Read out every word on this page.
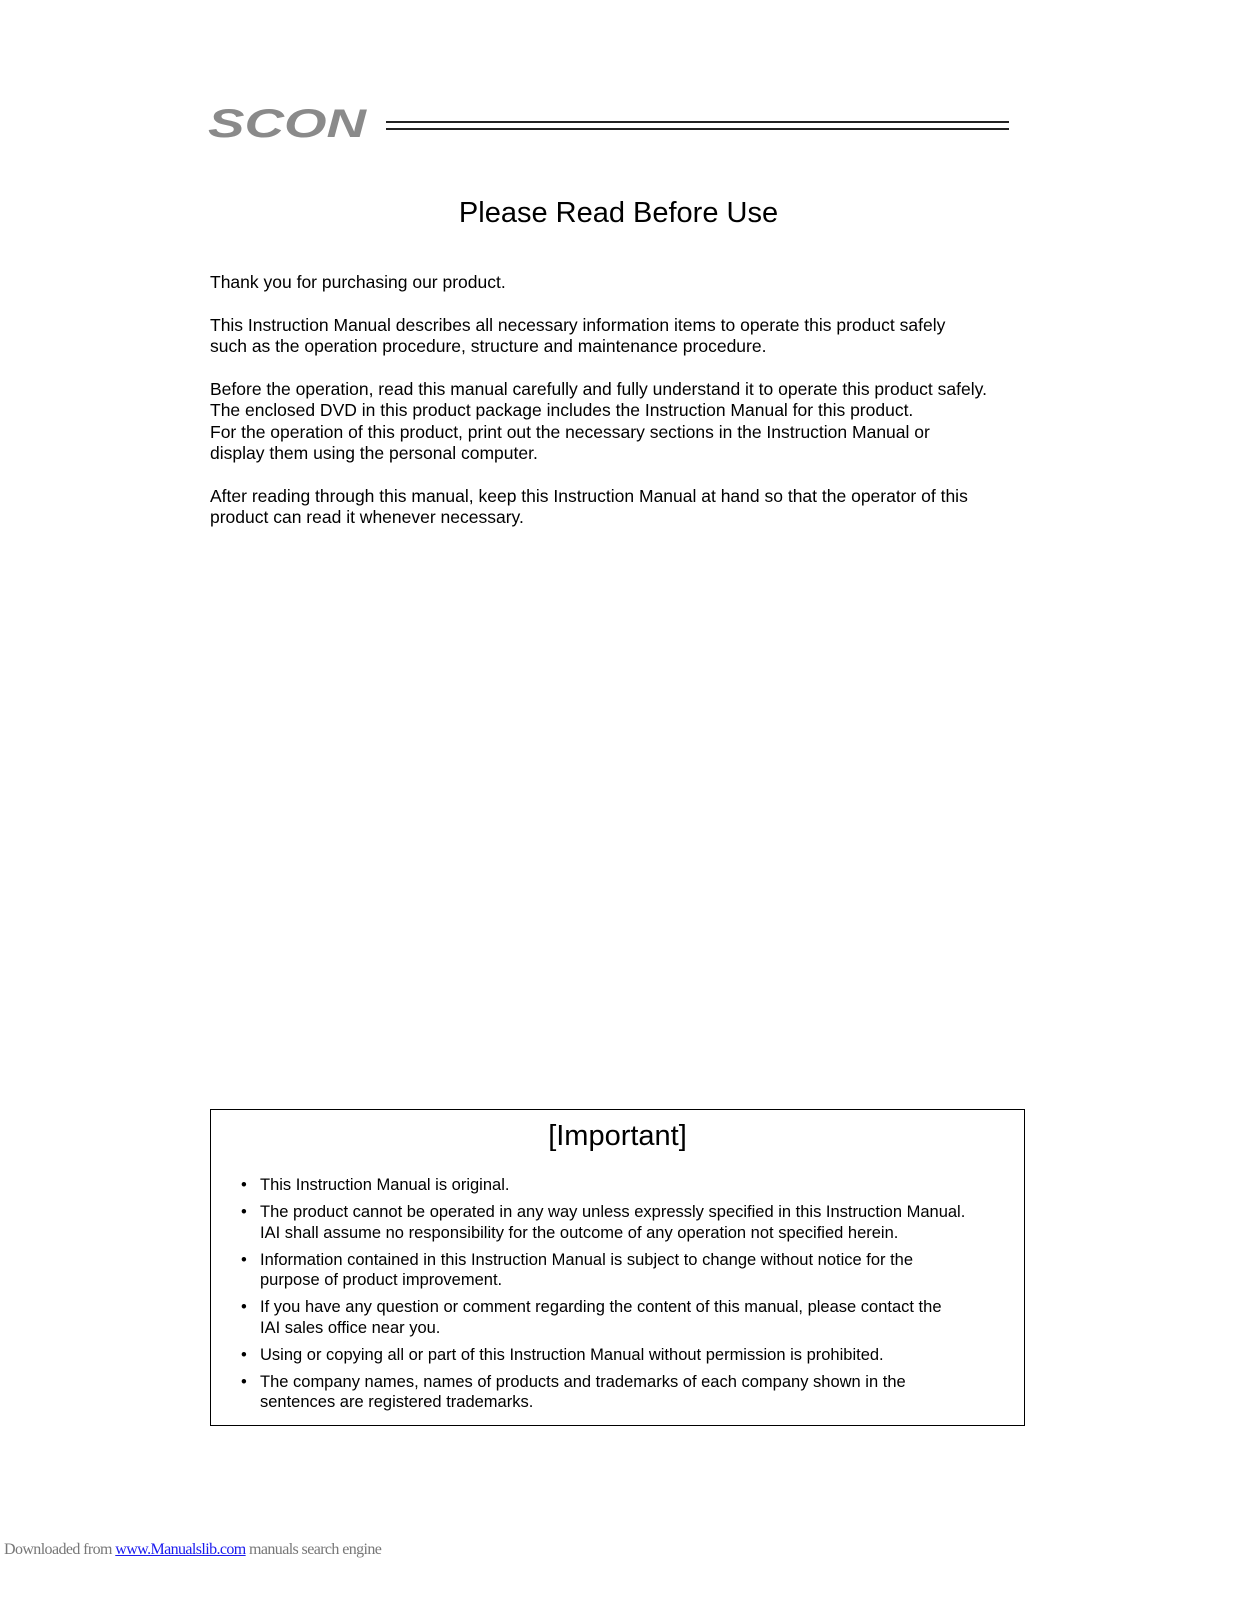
SCON
Please Read Before Use

Thank you for purchasing our product.

This Instruction Manual describes all necessary information items to operate this product safely
such as the operation procedure, structure and maintenance procedure.

Before the operation, read this manual carefully and fully understand it to operate this product safely.
The enclosed DVD in this product package includes the Instruction Manual for this product.
For the operation of this product, print out the necessary sections in the Instruction Manual or
display them using the personal computer.

After reading through this manual, keep this Instruction Manual at hand so that the operator of this
product can read it whenever necessary.

[Important]
• This Instruction Manual is original.
• The product cannot be operated in any way unless expressly specified in this Instruction Manual.
IAI shall assume no responsibility for the outcome of any operation not specified herein.
• Information contained in this Instruction Manual is subject to change without notice for the
purpose of product improvement.
• If you have any question or comment regarding the content of this manual, please contact the
IAI sales office near you.
• Using or copying all or part of this Instruction Manual without permission is prohibited.
• The company names, names of products and trademarks of each company shown in the
sentences are registered trademarks.
Downloaded from www.Manualslib.com manuals search engine
